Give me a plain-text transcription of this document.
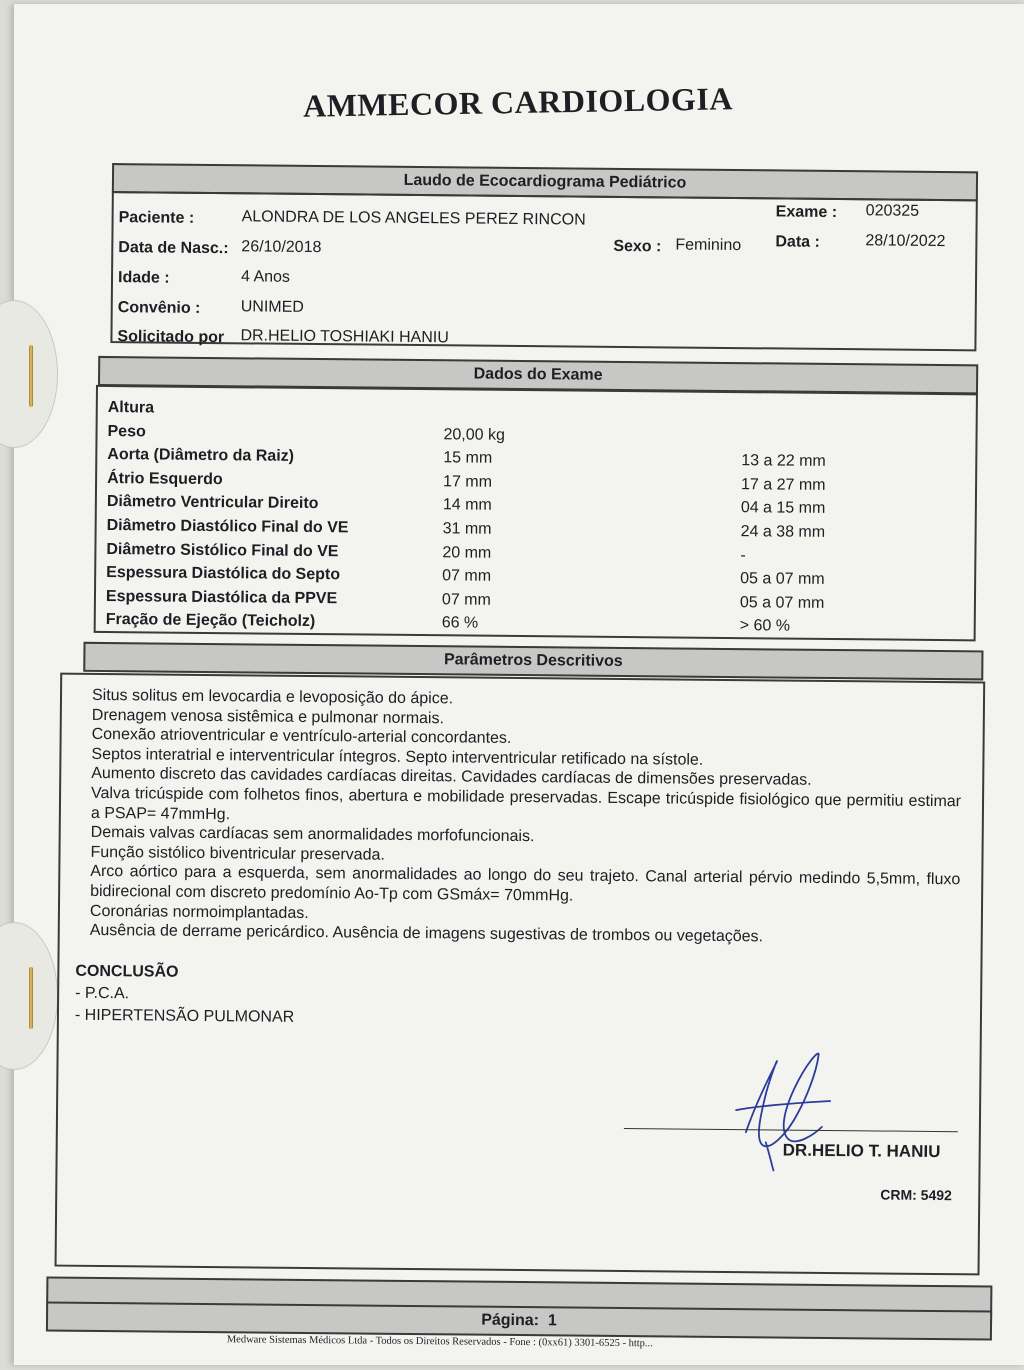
AMMECOR CARDIOLOGIA
Laudo de Ecocardiograma Pediátrico
Paciente :	ALONDRA DE LOS ANGELES PEREZ RINCON
Data de Nasc.: 26/10/2018
Idade :	4 Anos
Convênio :	UNIMED
Solicitado por DR.HELIO TOSHIAKI HANIU
Exame : 020325
Sexo : Feminino Data :	28/10/2022
Dados do Exame
Altura
Peso	20,00 kg
Aorta (Diâmetro da Raiz)	15 mm	13 a 22 mm
Átrio Esquerdo	17 mm	17 a 27 mm
Diâmetro Ventricular Direito	14 mm	04 a 15 mm
Diâmetro Diastólico Final do VE	31 mm	24 a 38 mm
Diâmetro Sistólico Final do VE	20 mm	-
Espessura Diastólica do Septo	07 mm	05 a 07 mm
Espessura Diastólica da PPVE	07 mm	05 a 07 mm
Fração de Ejeção (Teicholz)	66 %	> 60 %
Parâmetros Descritivos

Situs solitus em levocardia e levoposição do ápice.

Drenagem venosa sistêmica e pulmonar normais.

Conexão atrioventricular e ventrículo-arterial concordantes.

Septos interatrial e interventricular íntegros. Septo interventricular retificado na sístole.

Aumento discreto das cavidades cardíacas direitas. Cavidades cardíacas de dimensões preservadas.

Valva tricúspide com folhetos finos, abertura e mobilidade preservadas. Escape tricúspide fisiológico que permitiu estimar a PSAP= 47mmHg.

Demais valvas cardíacas sem anormalidades morfofuncionais.

Função sistólico biventricular preservada.

Arco aórtico para a esquerda, sem anormalidades ao longo do seu trajeto. Canal arterial pérvio medindo 5,5mm, fluxo bidirecional com discreto predomínio Ao-Tp com GSmáx= 70mmHg.

Coronárias normoimplantadas.

Ausência de derrame pericárdico. Ausência de imagens sugestivas de trombos ou vegetações.

CONCLUSÃO
- P.C.A.
- HIPERTENSÃO PULMONAR
DR.HELIO T. HANIU
CRM: 5492
Página: 1
Medware Sistemas Médicos Ltda - Todos os Direitos Reservados - Fone : (0xx61) 3301-6525 - http...
